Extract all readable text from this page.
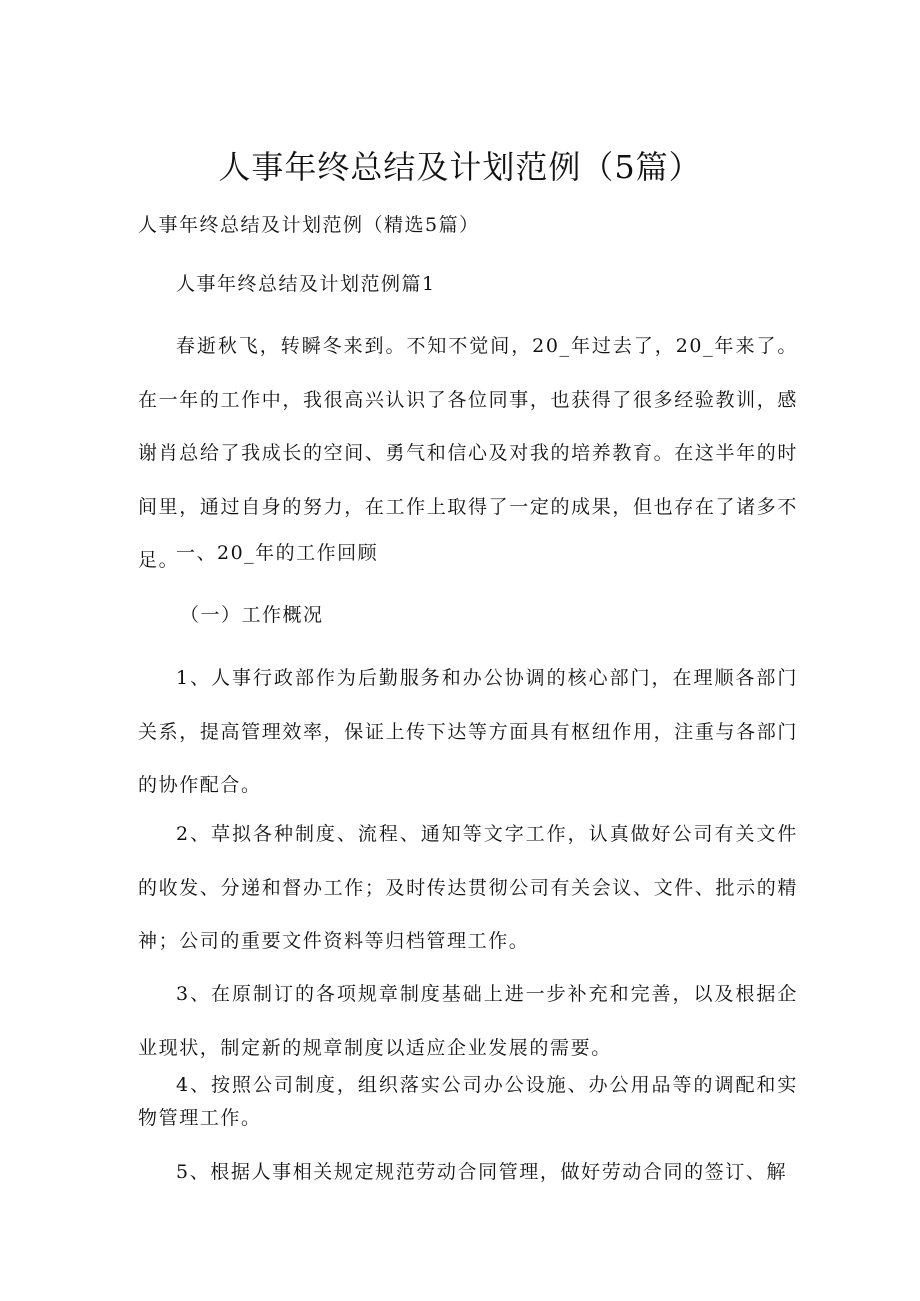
人事年终总结及计划范例（5篇）
人事年终总结及计划范例（精选5篇）
人事年终总结及计划范例篇1

春逝秋飞，转瞬冬来到。不知不觉间，20_年过去了，20_年来了。在一年的工作中，我很高兴认识了各位同事，也获得了很多经验教训，感谢肖总给了我成长的空间、勇气和信心及对我的培养教育。在这半年的时间里，通过自身的努力，在工作上取得了一定的成果，但也存在了诸多不足。

一、20_年的工作回顾
（一）工作概况

1、人事行政部作为后勤服务和办公协调的核心部门，在理顺各部门关系，提高管理效率，保证上传下达等方面具有枢纽作用，注重与各部门的协作配合。

2、草拟各种制度、流程、通知等文字工作，认真做好公司有关文件的收发、分递和督办工作；及时传达贯彻公司有关会议、文件、批示的精神；公司的重要文件资料等归档管理工作。

3、在原制订的各项规章制度基础上进一步补充和完善，以及根据企业现状，制定新的规章制度以适应企业发展的需要。

4、按照公司制度，组织落实公司办公设施、办公用品等的调配和实物管理工作。

5、根据人事相关规定规范劳动合同管理，做好劳动合同的签订、解
